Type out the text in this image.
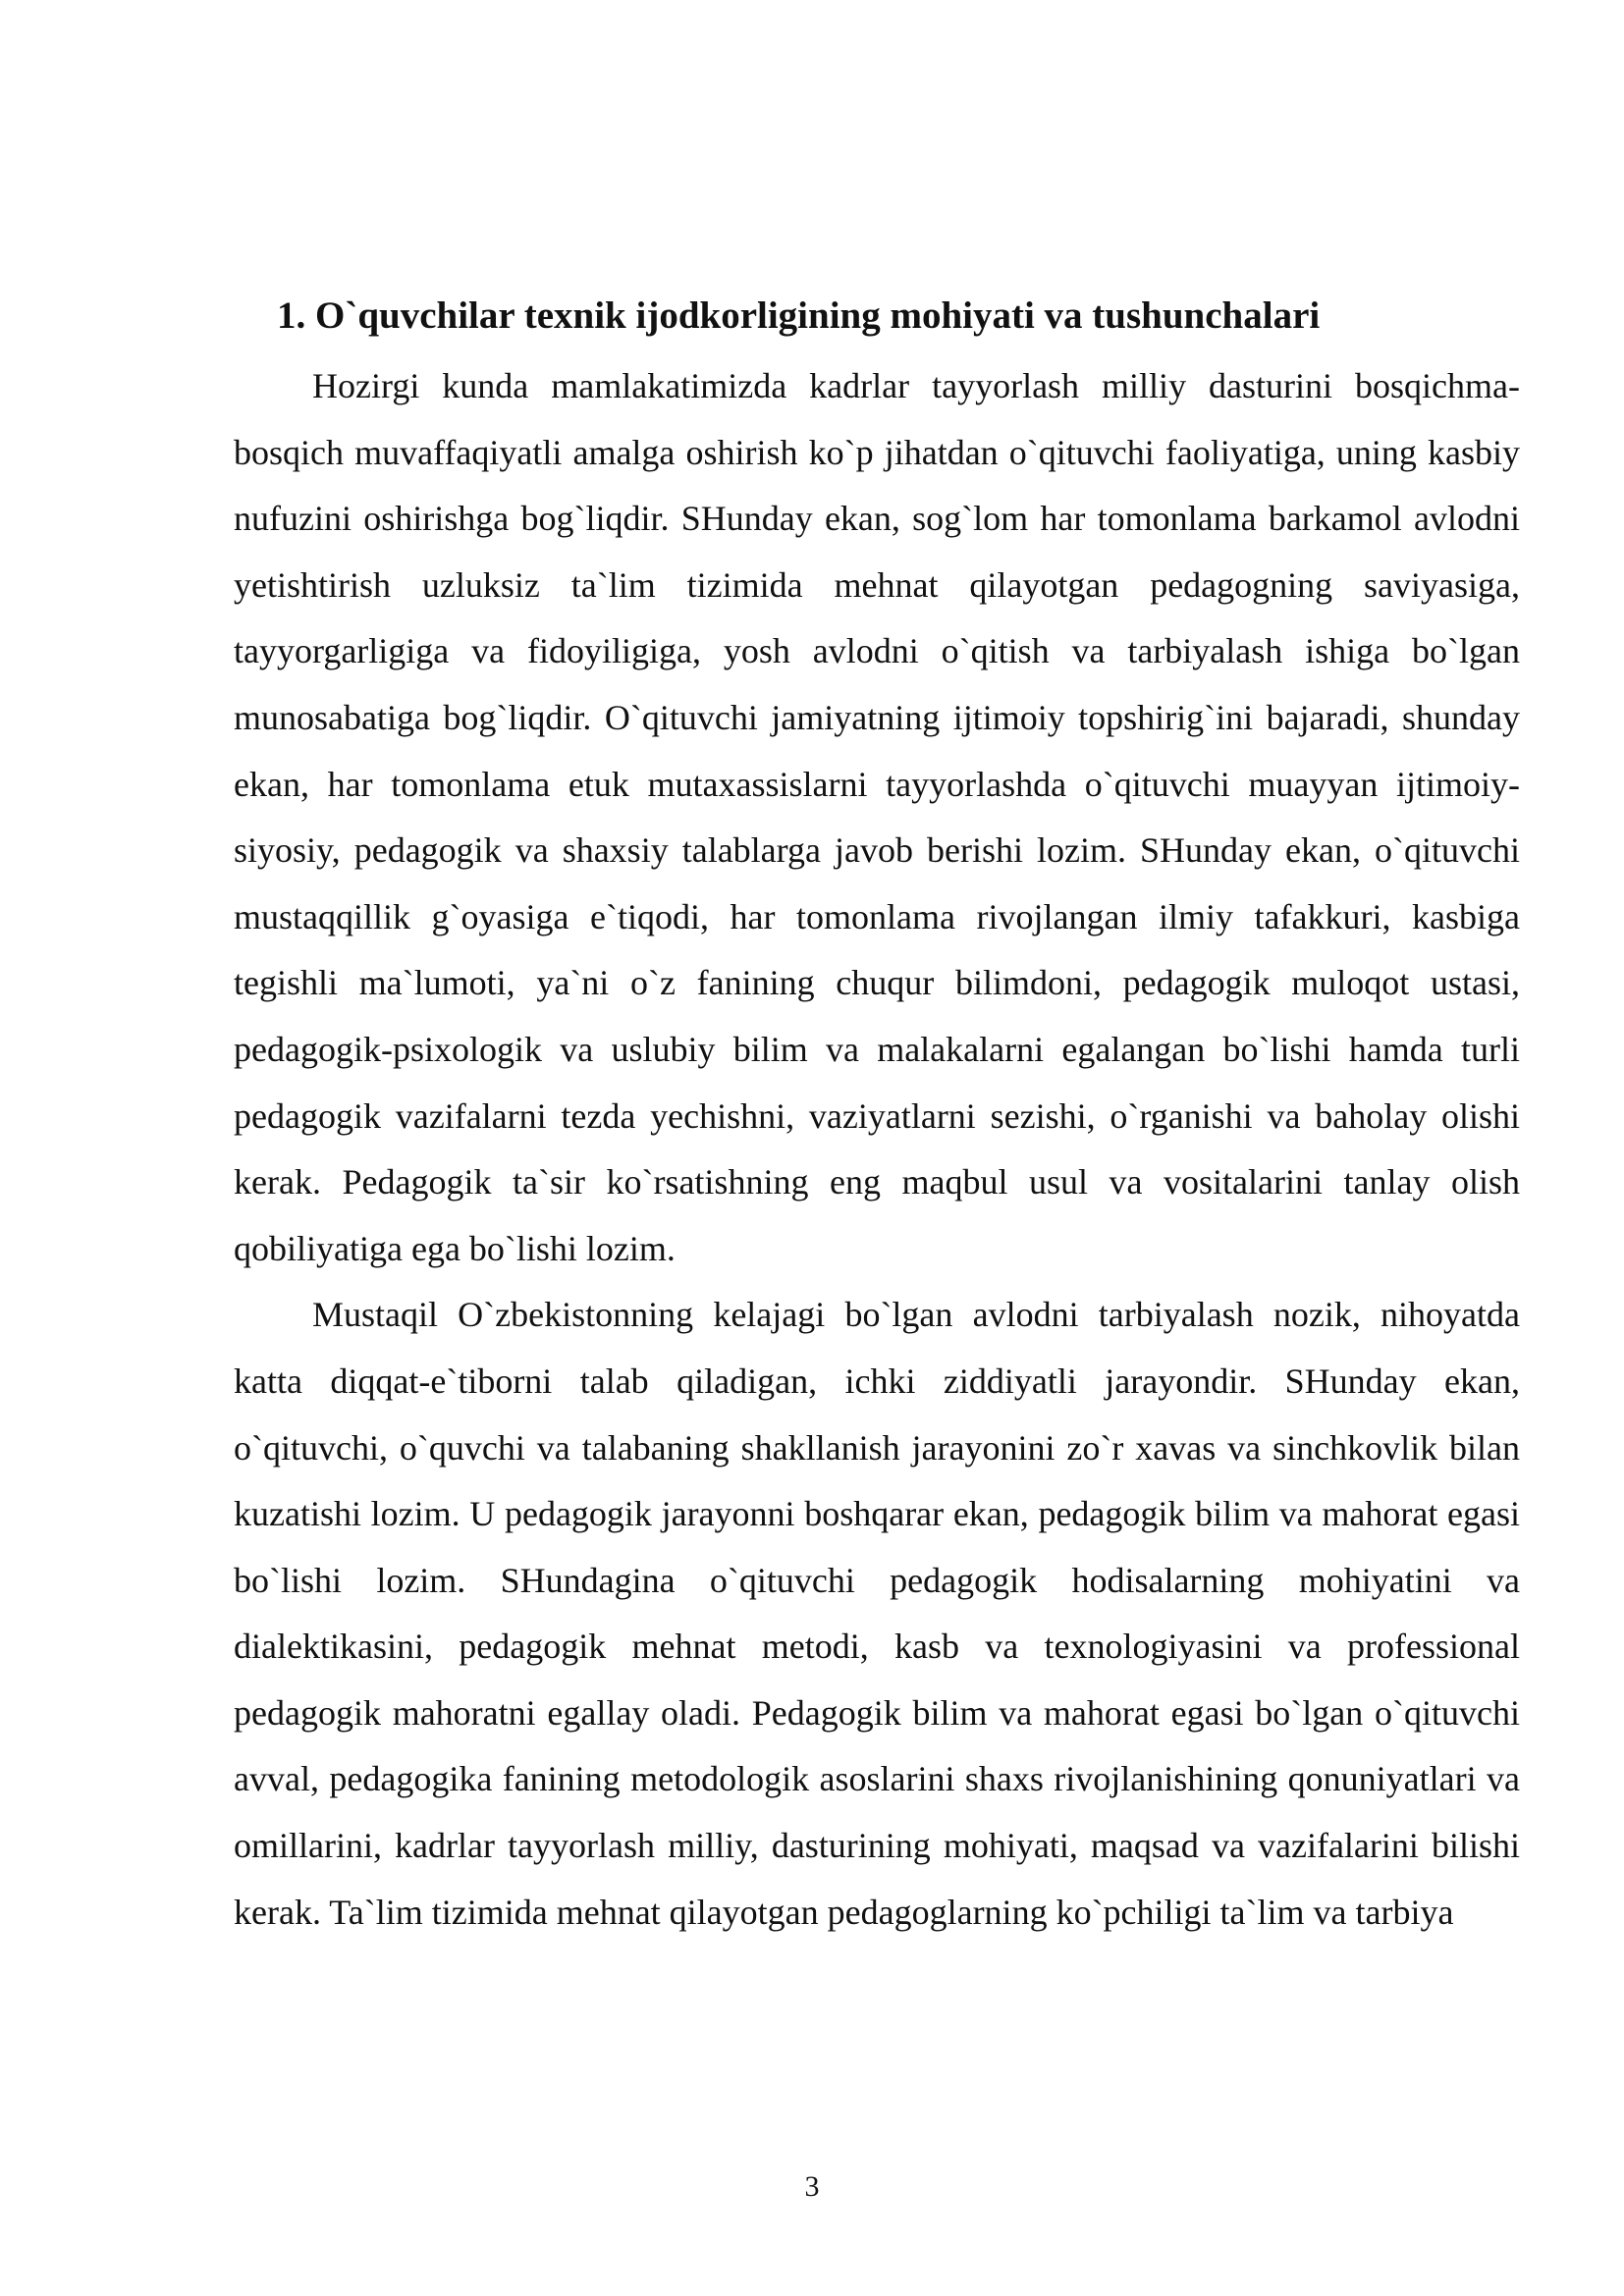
1. O`quvchilar texnik ijodkorligining mohiyati va tushunchalari

Hozirgi kunda mamlakatimizda kadrlar tayyorlash milliy dasturini bosqichma-bosqich muvaffaqiyatli amalga oshirish ko`p jihatdan o`qituvchi faoliyatiga, uning kasbiy nufuzini oshirishga bog`liqdir. SHunday ekan, sog`lom har tomonlama barkamol avlodni yetishtirish uzluksiz ta`lim tizimida mehnat qilayotgan pedagogning saviyasiga, tayyorgarligiga va fidoyiligiga, yosh avlodni o`qitish va tarbiyalash ishiga bo`lgan munosabatiga bog`liqdir. O`qituvchi jamiyatning ijtimoiy topshirig`ini bajaradi, shunday ekan, har tomonlama etuk mutaxassislarni tayyorlashda o`qituvchi muayyan ijtimoiy-siyosiy, pedagogik va shaxsiy talablarga javob berishi lozim. SHunday ekan, o`qituvchi mustaqqillik g`oyasiga e`tiqodi, har tomonlama rivojlangan ilmiy tafakkuri, kasbiga tegishli ma`lumoti, ya`ni o`z fanining chuqur bilimdoni, pedagogik muloqot ustasi, pedagogik-psixologik va uslubiy bilim va malakalarni egalangan bo`lishi hamda turli pedagogik vazifalarni tezda yechishni, vaziyatlarni sezishi, o`rganishi va baholay olishi kerak. Pedagogik ta`sir ko`rsatishning eng maqbul usul va vositalarini tanlay olish qobiliyatiga ega bo`lishi lozim.

Mustaqil O`zbekistonning kelajagi bo`lgan avlodni tarbiyalash nozik, nihoyatda katta diqqat-e`tiborni talab qiladigan, ichki ziddiyatli jarayondir. SHunday ekan, o`qituvchi, o`quvchi va talabaning shakllanish jarayonini zo`r xavas va sinchkovlik bilan kuzatishi lozim. U pedagogik jarayonni boshqarar ekan, pedagogik bilim va mahorat egasi bo`lishi lozim. SHundagina o`qituvchi pedagogik hodisalarning mohiyatini va dialektikasini, pedagogik mehnat metodi, kasb va texnologiyasini va professional pedagogik mahoratni egallay oladi. Pedagogik bilim va mahorat egasi bo`lgan o`qituvchi avval, pedagogika fanining metodologik asoslarini shaxs rivojlanishining qonuniyatlari va omillarini, kadrlar tayyorlash milliy, dasturining mohiyati, maqsad va vazifalarini bilishi kerak. Ta`lim tizimida mehnat qilayotgan pedagoglarning ko`pchiligi ta`lim va tarbiya

3
